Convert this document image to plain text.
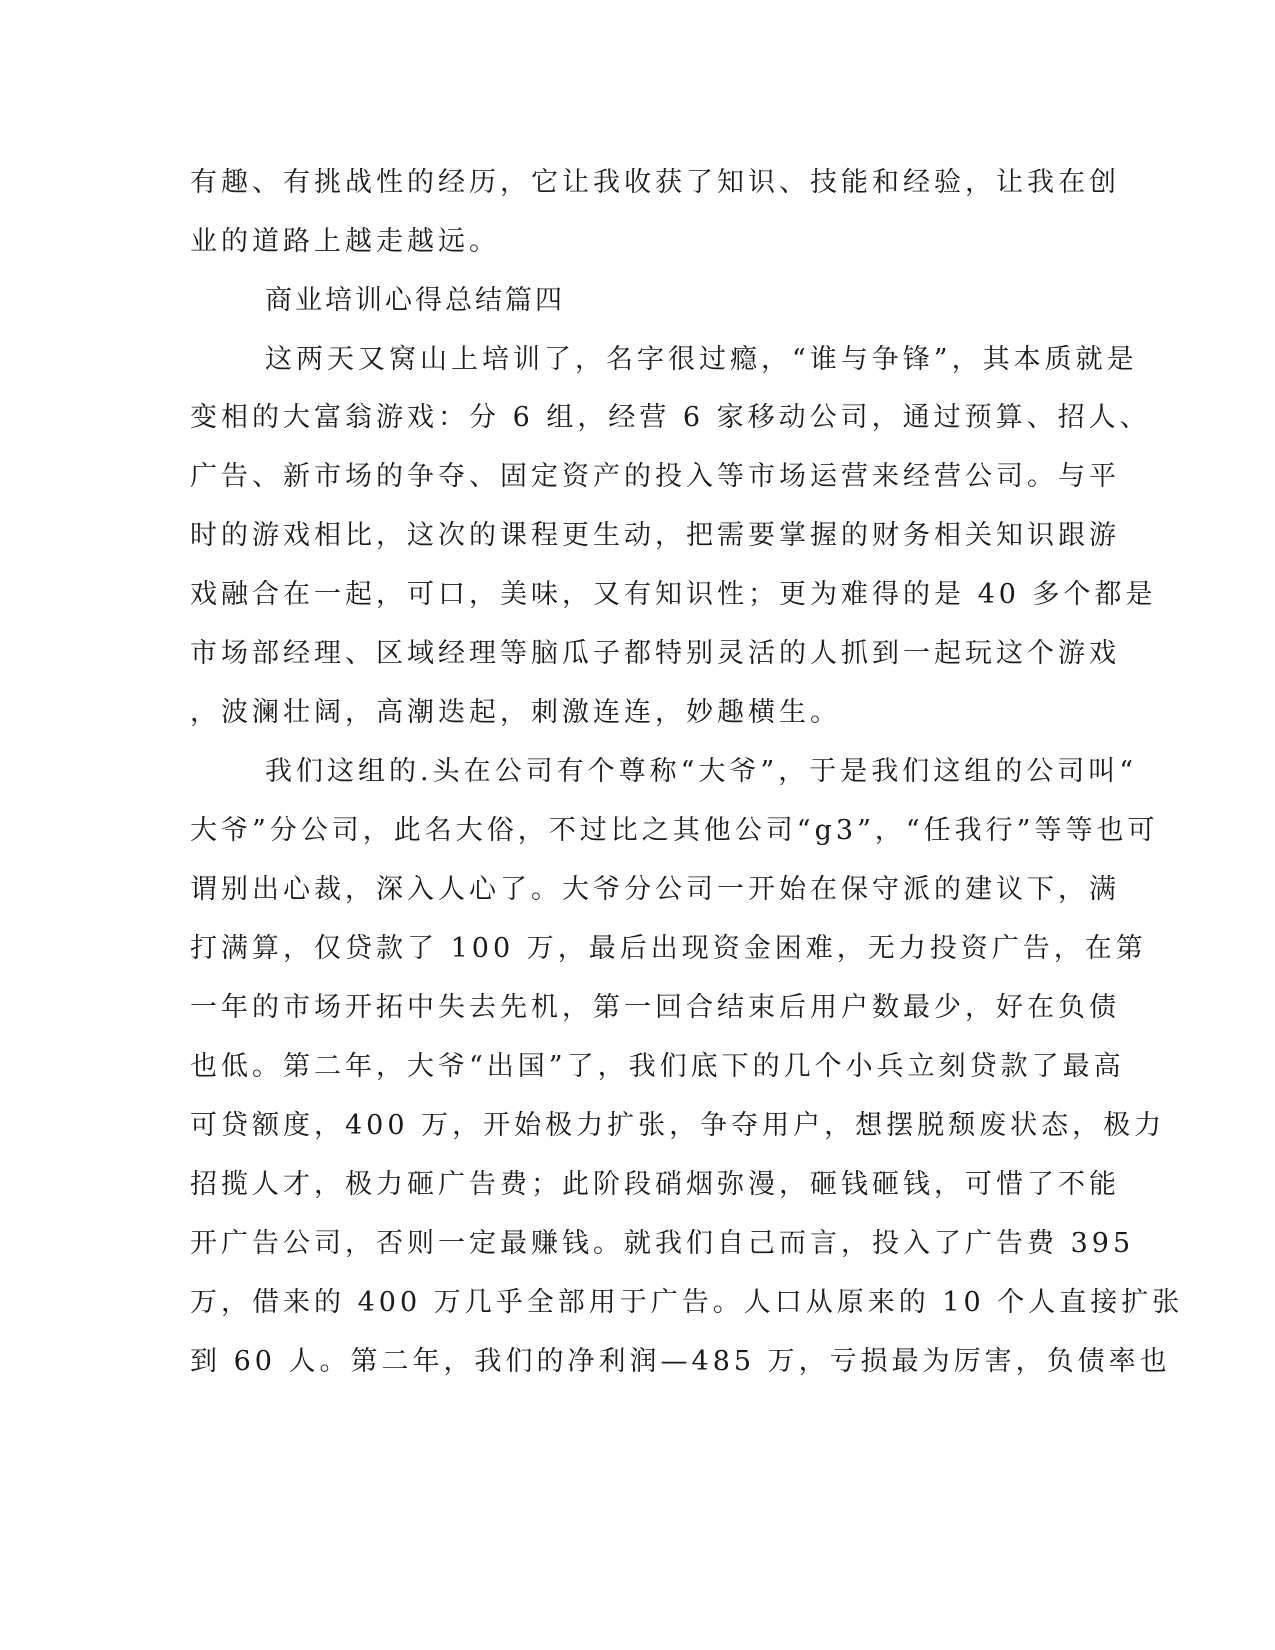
有趣、有挑战性的经历，它让我收获了知识、技能和经验，让我在创
业的道路上越走越远。
商业培训心得总结篇四
这两天又窝山上培训了，名字很过瘾，“谁与争锋”，其本质就是
变相的大富翁游戏：分 6 组，经营 6 家移动公司，通过预算、招人、
广告、新市场的争夺、固定资产的投入等市场运营来经营公司。与平
时的游戏相比，这次的课程更生动，把需要掌握的财务相关知识跟游
戏融合在一起，可口，美味，又有知识性；更为难得的是 40 多个都是
市场部经理、区域经理等脑瓜子都特别灵活的人抓到一起玩这个游戏
，波澜壮阔，高潮迭起，刺激连连，妙趣横生。
我们这组的.头在公司有个尊称“大爷”，于是我们这组的公司叫“
大爷”分公司，此名大俗，不过比之其他公司“g3”，“任我行”等等也可
谓别出心裁，深入人心了。大爷分公司一开始在保守派的建议下，满
打满算，仅贷款了 100 万，最后出现资金困难，无力投资广告，在第
一年的市场开拓中失去先机，第一回合结束后用户数最少，好在负债
也低。第二年，大爷“出国”了，我们底下的几个小兵立刻贷款了最高
可贷额度，400 万，开始极力扩张，争夺用户，想摆脱颓废状态，极力
招揽人才，极力砸广告费；此阶段硝烟弥漫，砸钱砸钱，可惜了不能
开广告公司，否则一定最赚钱。就我们自己而言，投入了广告费 395
万，借来的 400 万几乎全部用于广告。人口从原来的 10 个人直接扩张
到 60 人。第二年，我们的净利润—485 万，亏损最为厉害，负债率也
